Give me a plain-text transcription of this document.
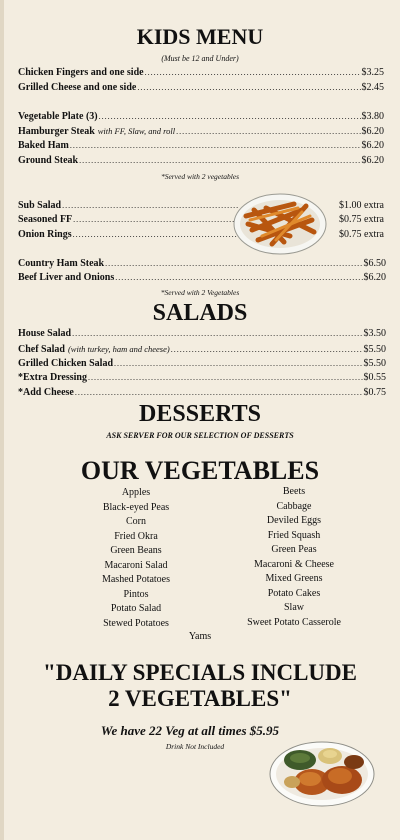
KIDS MENU
(Must be 12 and Under)
Chicken Fingers and one side .....	$3.25
Grilled Cheese and one side .....	$2.45
Vegetable Plate (3) .....	$3.80
Hamburger Steak with FF, Slaw, and roll .....	$6.20
Baked Ham .....	$6.20
Ground Steak .....	$6.20
*Served with 2 vegetables
Sub Salad .....	$1.00 extra
Seasoned FF .....	$0.75 extra
Onion Rings .....	$0.75 extra
Country Ham Steak .....	$6.50
Beef Liver and Onions .....	$6.20
*Served with 2 Vegetables
SALADS
House Salad .....	$3.50
Chef Salad (with turkey, ham and cheese) .....	$5.50
Grilled Chicken Salad .....	$5.50
*Extra Dressing .....	$0.55
*Add Cheese .....	$0.75
DESSERTS
ASK SERVER FOR OUR SELECTION OF DESSERTS
OUR VEGETABLES
Apples
Black-eyed Peas
Corn
Fried Okra
Green Beans
Macaroni Salad
Mashed Potatoes
Pintos
Potato Salad
Stewed Potatoes
Beets
Cabbage
Deviled Eggs
Fried Squash
Green Peas
Macaroni & Cheese
Mixed Greens
Potato Cakes
Slaw
Sweet Potato Casserole
Yams
"DAILY SPECIALS INCLUDE
2 VEGETABLES"
We have 22 Veg at all times $5.95
Drink Not Included
